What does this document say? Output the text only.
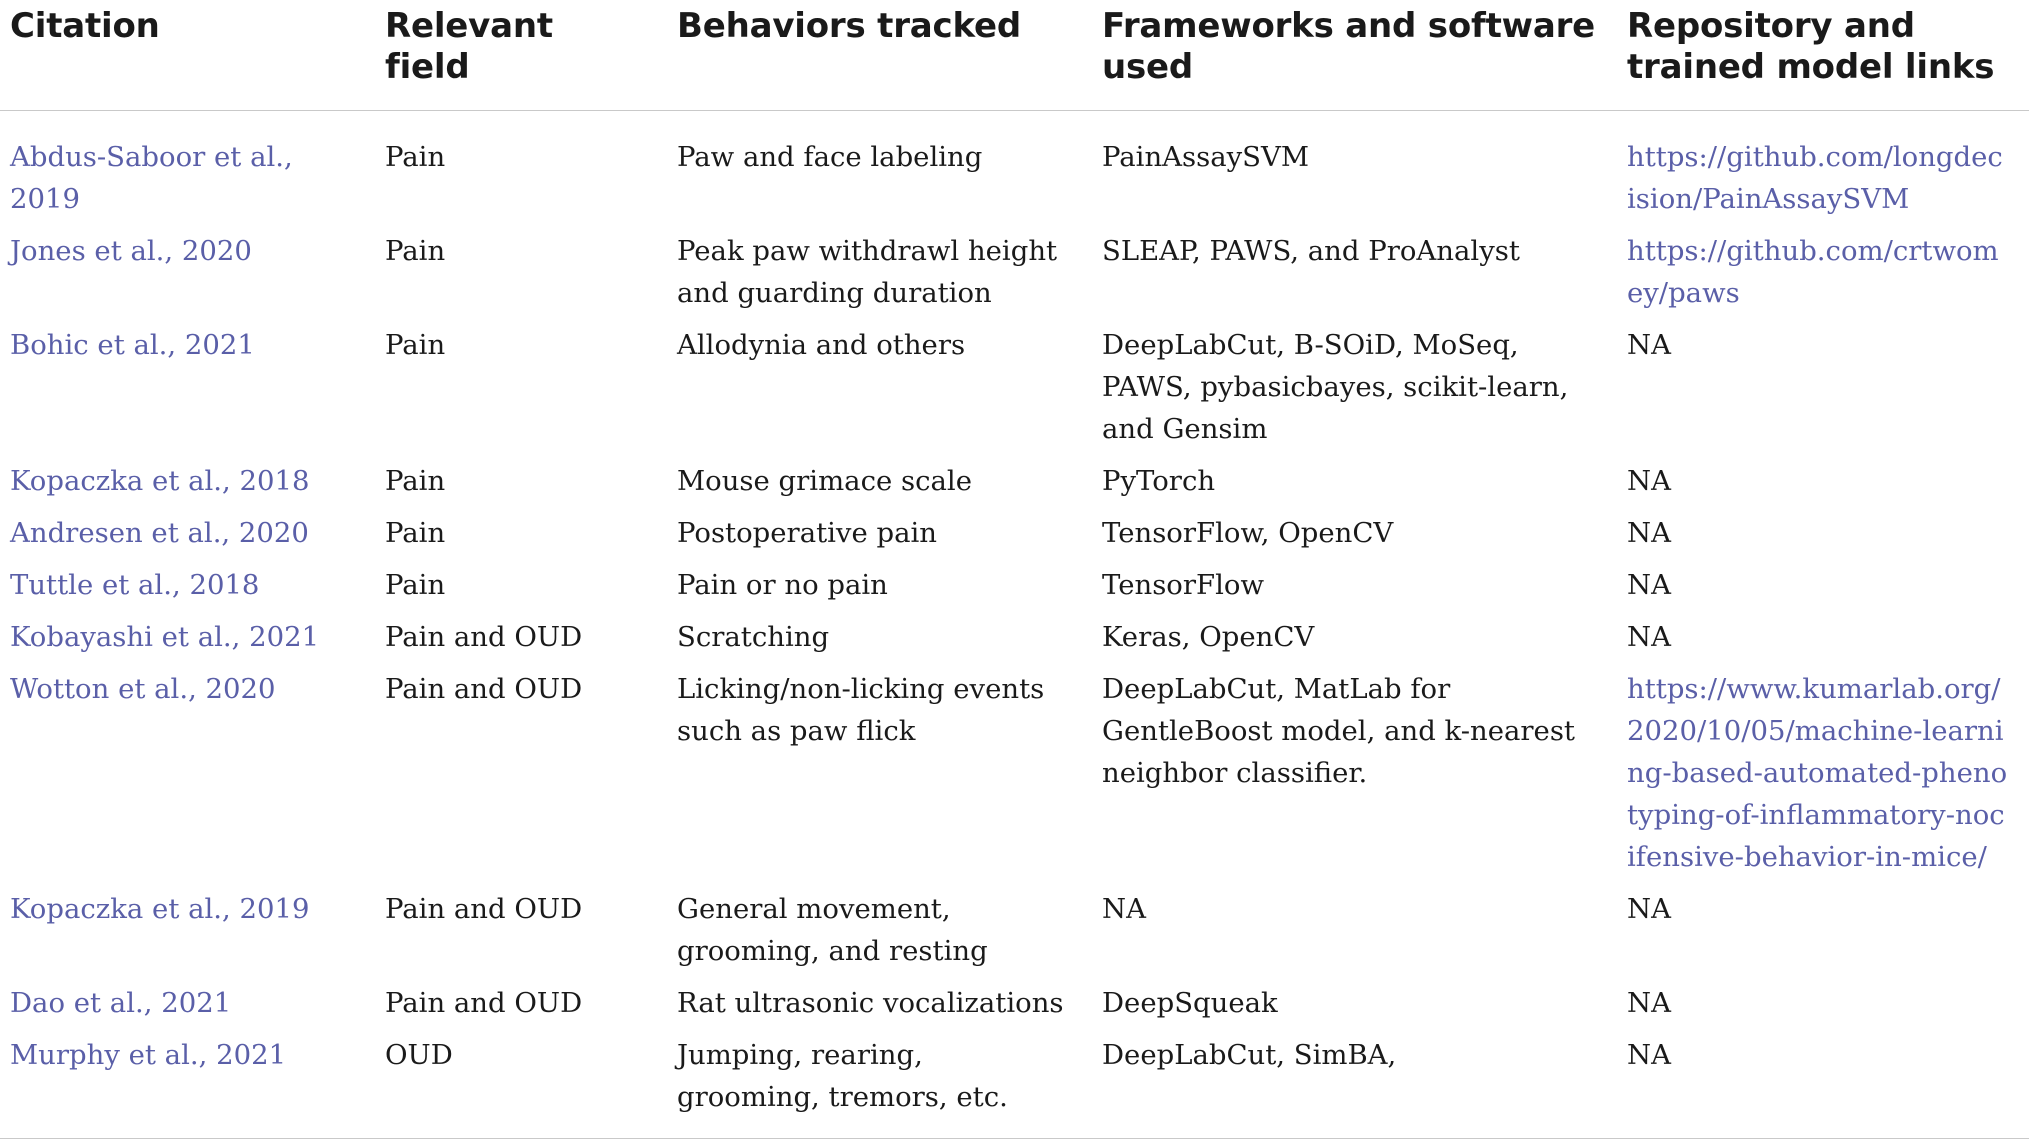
Citation	Relevant field	Behaviors tracked	Frameworks and software used	Repository and trained model links
Abdus-Saboor et al., 2019	Pain	Paw and face labeling	PainAssaySVM	https://github.com/longdecision/PainAssaySVM
Jones et al., 2020	Pain	Peak paw withdrawl height and guarding duration	SLEAP, PAWS, and ProAnalyst	https://github.com/crtwomey/paws
Bohic et al., 2021	Pain	Allodynia and others	DeepLabCut, B-SOiD, MoSeq, PAWS, pybasicbayes, scikit-learn, and Gensim	NA
Kopaczka et al., 2018	Pain	Mouse grimace scale	PyTorch	NA
Andresen et al., 2020	Pain	Postoperative pain	TensorFlow, OpenCV	NA
Tuttle et al., 2018	Pain	Pain or no pain	TensorFlow	NA
Kobayashi et al., 2021	Pain and OUD	Scratching	Keras, OpenCV	NA
Wotton et al., 2020	Pain and OUD	Licking/non-licking events such as paw flick	DeepLabCut, MatLab for GentleBoost model, and k-nearest neighbor classifier.	https://www.kumarlab.org/2020/10/05/machine-learning-based-automated-phenotyping-of-inflammatory-nocifensive-behavior-in-mice/
Kopaczka et al., 2019	Pain and OUD	General movement, grooming, and resting	NA	NA
Dao et al., 2021	Pain and OUD	Rat ultrasonic vocalizations	DeepSqueak	NA
Murphy et al., 2021	OUD	Jumping, rearing, grooming, tremors, etc.	DeepLabCut, SimBA,	NA
